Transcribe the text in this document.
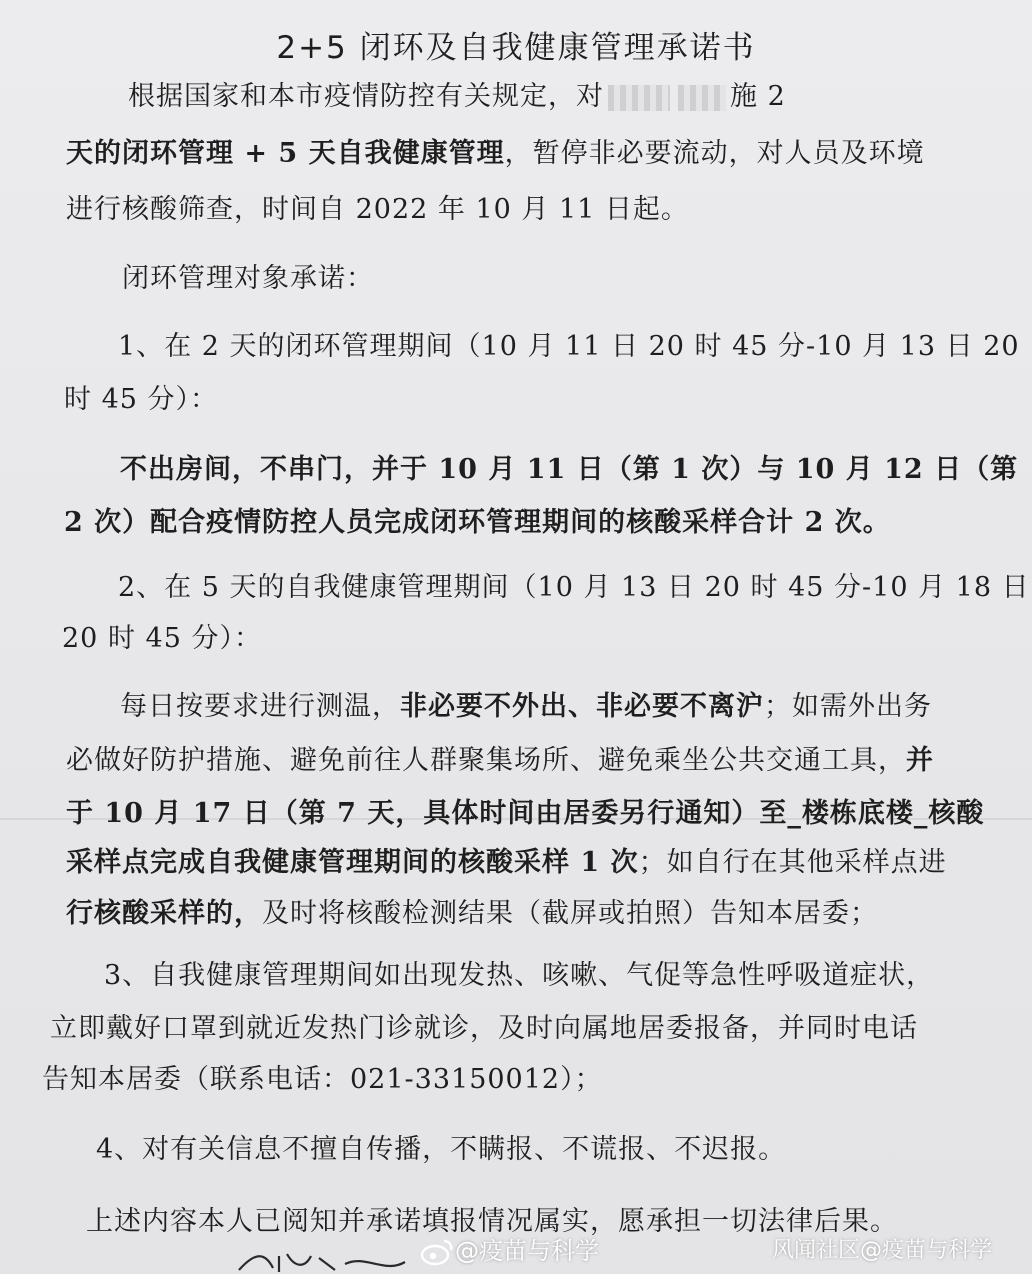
2+5 闭环及自我健康管理承诺书
根据国家和本市疫情防控有关规定，对	施 2
天的闭环管理 + 5 天自我健康管理，暂停非必要流动，对人员及环境
进行核酸筛查，时间自 2022 年 10 月 11 日起。
闭环管理对象承诺：
1、在 2 天的闭环管理期间（10 月 11 日 20 时 45 分-10 月 13 日 20
时 45 分）：
不出房间，不串门，并于 10 月 11 日（第 1 次）与 10 月 12 日（第
2 次）配合疫情防控人员完成闭环管理期间的核酸采样合计 2 次。
2、在 5 天的自我健康管理期间（10 月 13 日 20 时 45 分-10 月 18 日
20 时 45 分）：
每日按要求进行测温，非必要不外出、非必要不离沪；如需外出务
必做好防护措施、避免前往人群聚集场所、避免乘坐公共交通工具，并
于 10 月 17 日（第 7 天，具体时间由居委另行通知）至_楼栋底楼_核酸
采样点完成自我健康管理期间的核酸采样 1 次；如自行在其他采样点进
行核酸采样的，及时将核酸检测结果（截屏或拍照）告知本居委；
3、自我健康管理期间如出现发热、咳嗽、气促等急性呼吸道症状，
立即戴好口罩到就近发热门诊就诊，及时向属地居委报备，并同时电话
告知本居委（联系电话：021-33150012）；
4、对有关信息不擅自传播，不瞒报、不谎报、不迟报。
上述内容本人已阅知并承诺填报情况属实，愿承担一切法律后果。
@疫苗与科学	风闻社区@疫苗与科学
